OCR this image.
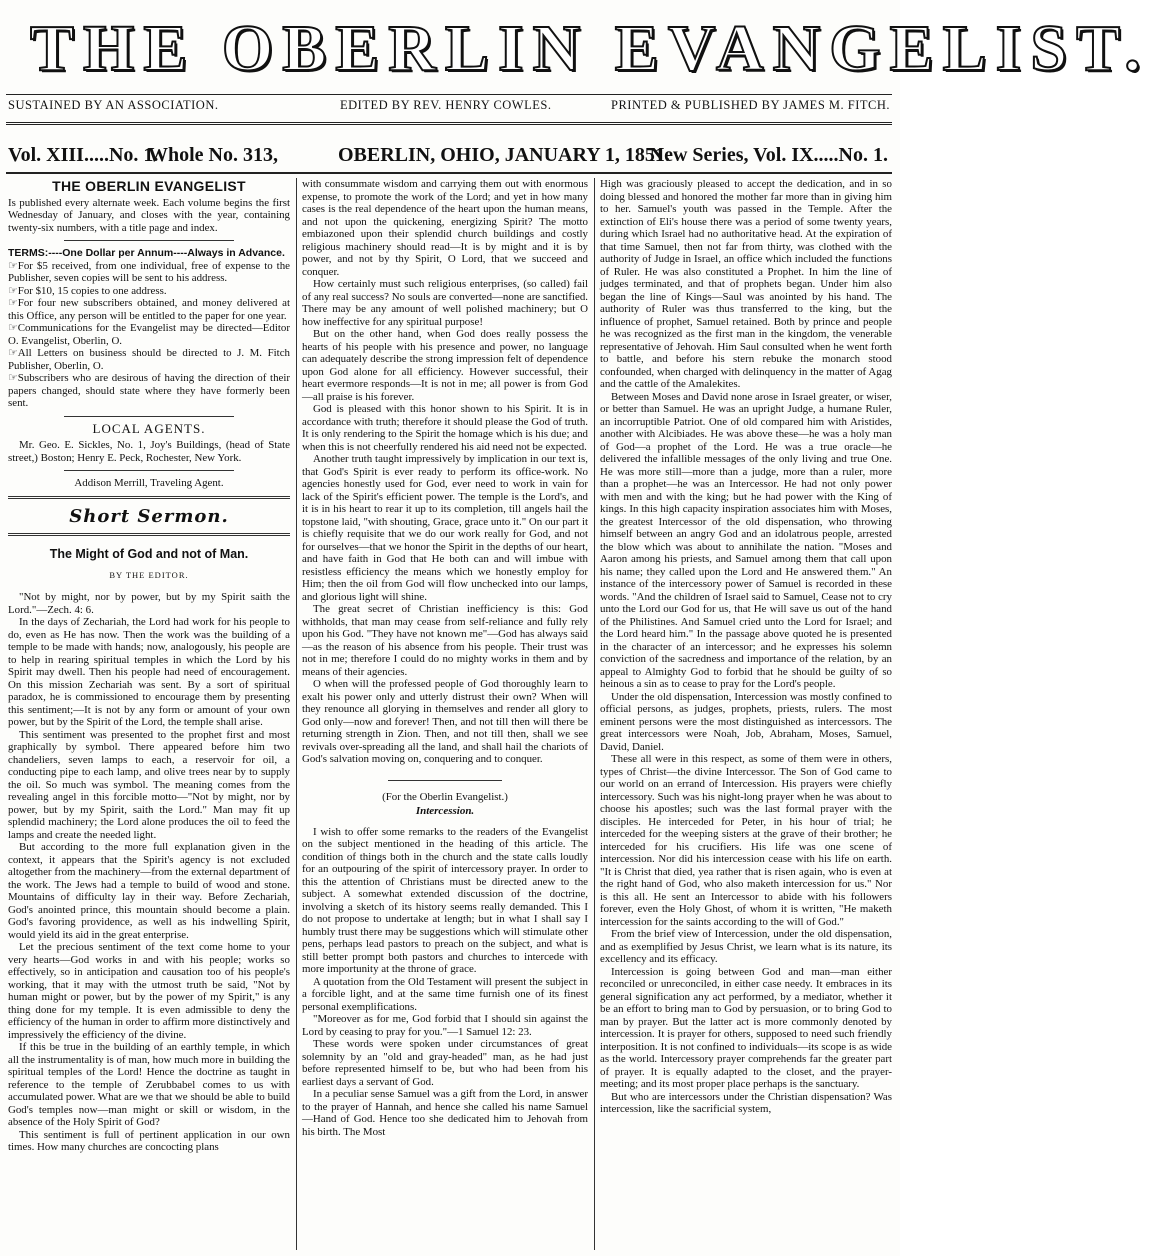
THE OBERLIN EVANGELIST.
SUSTAINED BY AN ASSOCIATION.	EDITED BY REV. HENRY COWLES.	PRINTED & PUBLISHED BY JAMES M. FITCH.
Vol. XIII.....No. 1.
Whole No. 313,	OBERLIN, OHIO, JANUARY 1, 1851.
New Series, Vol. IX.....No. 1.
THE OBERLIN EVANGELIST

Is published every alternate week. Each volume begins the first Wednesday of January, and closes with the year, containing twenty-six numbers, with a title page and index.

TERMS:----One Dollar per Annum----Always in Advance.

☞For $5 received, from one individual, free of expense to the Publisher, seven copies will be sent to his address.

☞For $10, 15 copies to one address.

☞For four new subscribers obtained, and money delivered at this Office, any person will be entitled to the paper for one year.

☞Communications for the Evangelist may be directed—Editor O. Evangelist, Oberlin, O.

☞All Letters on business should be directed to J. M. Fitch Publisher, Oberlin, O.

☞Subscribers who are desirous of having the direction of their papers changed, should state where they have formerly been sent.

LOCAL AGENTS.

Mr. Geo. E. Sickles, No. 1, Joy's Buildings, (head of State street,) Boston; Henry E. Peck, Rochester, New York.

Addison Merrill, Traveling Agent.

Short Sermon.
The Might of God and not of Man.
BY THE EDITOR.

"Not by might, nor by power, but by my Spirit saith the Lord."—Zech. 4: 6.

In the days of Zechariah, the Lord had work for his people to do, even as He has now. Then the work was the building of a temple to be made with hands; now, analogously, his people are to help in rearing spiritual temples in which the Lord by his Spirit may dwell. Then his people had need of encouragement. On this mission Zechariah was sent. By a sort of spiritual paradox, he is commissioned to encourage them by presenting this sentiment;—It is not by any form or amount of your own power, but by the Spirit of the Lord, the temple shall arise.

This sentiment was presented to the prophet first and most graphically by symbol. There appeared before him two chandeliers, seven lamps to each, a reservoir for oil, a conducting pipe to each lamp, and olive trees near by to supply the oil. So much was symbol. The meaning comes from the revealing angel in this forcible motto—"Not by might, nor by power, but by my Spirit, saith the Lord." Man may fit up splendid machinery; the Lord alone produces the oil to feed the lamps and create the needed light.

But according to the more full explanation given in the context, it appears that the Spirit's agency is not excluded altogether from the machinery—from the external department of the work. The Jews had a temple to build of wood and stone. Mountains of difficulty lay in their way. Before Zechariah, God's anointed prince, this mountain should become a plain. God's favoring providence, as well as his indwelling Spirit, would yield its aid in the great enterprise.

Let the precious sentiment of the text come home to your very hearts—God works in and with his people; works so effectively, so in anticipation and causation too of his people's working, that it may with the utmost truth be said, "Not by human might or power, but by the power of my Spirit," is any thing done for my temple. It is even admissible to deny the efficiency of the human in order to affirm more distinctively and impressively the efficiency of the divine.

If this be true in the building of an earthly temple, in which all the instrumentality is of man, how much more in building the spiritual temples of the Lord! Hence the doctrine as taught in reference to the temple of Zerubbabel comes to us with accumulated power. What are we that we should be able to build God's temples now—man might or skill or wisdom, in the absence of the Holy Spirit of God?

This sentiment is full of pertinent application in our own times. How many churches are concocting plans

with consummate wisdom and carrying them out with enormous expense, to promote the work of the Lord; and yet in how many cases is the real dependence of the heart upon the human means, and not upon the quickening, energizing Spirit? The motto embiazoned upon their splendid church buildings and costly religious machinery should read—It is by might and it is by power, and not by thy Spirit, O Lord, that we succeed and conquer.

How certainly must such religious enterprises, (so called) fail of any real success? No souls are converted—none are sanctified. There may be any amount of well polished machinery; but O how ineffective for any spiritual purpose!

But on the other hand, when God does really possess the hearts of his people with his presence and power, no language can adequately describe the strong impression felt of dependence upon God alone for all efficiency. However successful, their heart evermore responds—It is not in me; all power is from God—all praise is his forever.

God is pleased with this honor shown to his Spirit. It is in accordance with truth; therefore it should please the God of truth. It is only rendering to the Spirit the homage which is his due; and when this is not cheerfully rendered his aid need not be expected.

Another truth taught impressively by implication in our text is, that God's Spirit is ever ready to perform its office-work. No agencies honestly used for God, ever need to work in vain for lack of the Spirit's efficient power. The temple is the Lord's, and it is in his heart to rear it up to its completion, till angels hail the topstone laid, "with shouting, Grace, grace unto it." On our part it is chiefly requisite that we do our work really for God, and not for ourselves—that we honor the Spirit in the depths of our heart, and have faith in God that He both can and will imbue with resistless efficiency the means which we honestly employ for Him; then the oil from God will flow unchecked into our lamps, and glorious light will shine.

The great secret of Christian inefficiency is this: God withholds, that man may cease from self-reliance and fully rely upon his God. "They have not known me"—God has always said—as the reason of his absence from his people. Their trust was not in me; therefore I could do no mighty works in them and by means of their agencies.

O when will the professed people of God thoroughly learn to exalt his power only and utterly distrust their own? When will they renounce all glorying in themselves and render all glory to God only—now and forever! Then, and not till then will there be returning strength in Zion. Then, and not till then, shall we see revivals over-spreading all the land, and shall hail the chariots of God's salvation moving on, conquering and to conquer.

(For the Oberlin Evangelist.)
Intercession.

I wish to offer some remarks to the readers of the Evangelist on the subject mentioned in the heading of this article. The condition of things both in the church and the state calls loudly for an outpouring of the spirit of intercessory prayer. In order to this the attention of Christians must be directed anew to the subject. A somewhat extended discussion of the doctrine, involving a sketch of its history seems really demanded. This I do not propose to undertake at length; but in what I shall say I humbly trust there may be suggestions which will stimulate other pens, perhaps lead pastors to preach on the subject, and what is still better prompt both pastors and churches to intercede with more importunity at the throne of grace.

A quotation from the Old Testament will present the subject in a forcible light, and at the same time furnish one of its finest personal exemplifications.

"Moreover as for me, God forbid that I should sin against the Lord by ceasing to pray for you."—1 Samuel 12: 23.

These words were spoken under circumstances of great solemnity by an "old and gray-headed" man, as he had just before represented himself to be, but who had been from his earliest days a servant of God.

In a peculiar sense Samuel was a gift from the Lord, in answer to the prayer of Hannah, and hence she called his name Samuel—Hand of God. Hence too she dedicated him to Jehovah from his birth. The Most

High was graciously pleased to accept the dedication, and in so doing blessed and honored the mother far more than in giving him to her. Samuel's youth was passed in the Temple. After the extinction of Eli's house there was a period of some twenty years, during which Israel had no authoritative head. At the expiration of that time Samuel, then not far from thirty, was clothed with the authority of Judge in Israel, an office which included the functions of Ruler. He was also constituted a Prophet. In him the line of judges terminated, and that of prophets began. Under him also began the line of Kings—Saul was anointed by his hand. The authority of Ruler was thus transferred to the king, but the influence of prophet, Samuel retained. Both by prince and people he was recognized as the first man in the kingdom, the venerable representative of Jehovah. Him Saul consulted when he went forth to battle, and before his stern rebuke the monarch stood confounded, when charged with delinquency in the matter of Agag and the cattle of the Amalekites.

Between Moses and David none arose in Israel greater, or wiser, or better than Samuel. He was an upright Judge, a humane Ruler, an incorruptible Patriot. One of old compared him with Aristides, another with Alcibiades. He was above these—he was a holy man of God—a prophet of the Lord. He was a true oracle—he delivered the infallible messages of the only living and true One. He was more still—more than a judge, more than a ruler, more than a prophet—he was an Intercessor. He had not only power with men and with the king; but he had power with the King of kings. In this high capacity inspiration associates him with Moses, the greatest Intercessor of the old dispensation, who throwing himself between an angry God and an idolatrous people, arrested the blow which was about to annihilate the nation. "Moses and Aaron among his priests, and Samuel among them that call upon his name; they called upon the Lord and He answered them." An instance of the intercessory power of Samuel is recorded in these words. "And the children of Israel said to Samuel, Cease not to cry unto the Lord our God for us, that He will save us out of the hand of the Philistines. And Samuel cried unto the Lord for Israel; and the Lord heard him." In the passage above quoted he is presented in the character of an intercessor; and he expresses his solemn conviction of the sacredness and importance of the relation, by an appeal to Almighty God to forbid that he should be guilty of so heinous a sin as to cease to pray for the Lord's people.

Under the old dispensation, Intercession was mostly confined to official persons, as judges, prophets, priests, rulers. The most eminent persons were the most distinguished as intercessors. The great intercessors were Noah, Job, Abraham, Moses, Samuel, David, Daniel.

These all were in this respect, as some of them were in others, types of Christ—the divine Intercessor. The Son of God came to our world on an errand of Intercession. His prayers were chiefly intercessory. Such was his night-long prayer when he was about to choose his apostles; such was the last formal prayer with the disciples. He interceded for Peter, in his hour of trial; he interceded for the weeping sisters at the grave of their brother; he interceded for his crucifiers. His life was one scene of intercession. Nor did his intercession cease with his life on earth. "It is Christ that died, yea rather that is risen again, who is even at the right hand of God, who also maketh intercession for us." Nor is this all. He sent an Intercessor to abide with his followers forever, even the Holy Ghost, of whom it is written, "He maketh intercession for the saints according to the will of God."

From the brief view of Intercession, under the old dispensation, and as exemplified by Jesus Christ, we learn what is its nature, its excellency and its efficacy.

Intercession is going between God and man—man either reconciled or unreconciled, in either case needy. It embraces in its general signification any act performed, by a mediator, whether it be an effort to bring man to God by persuasion, or to bring God to man by prayer. But the latter act is more commonly denoted by intercession. It is prayer for others, supposed to need such friendly interposition. It is not confined to individuals—its scope is as wide as the world. Intercessory prayer comprehends far the greater part of prayer. It is equally adapted to the closet, and the prayer-meeting; and its most proper place perhaps is the sanctuary.

But who are intercessors under the Christian dispensation? Was intercession, like the sacrificial system,
